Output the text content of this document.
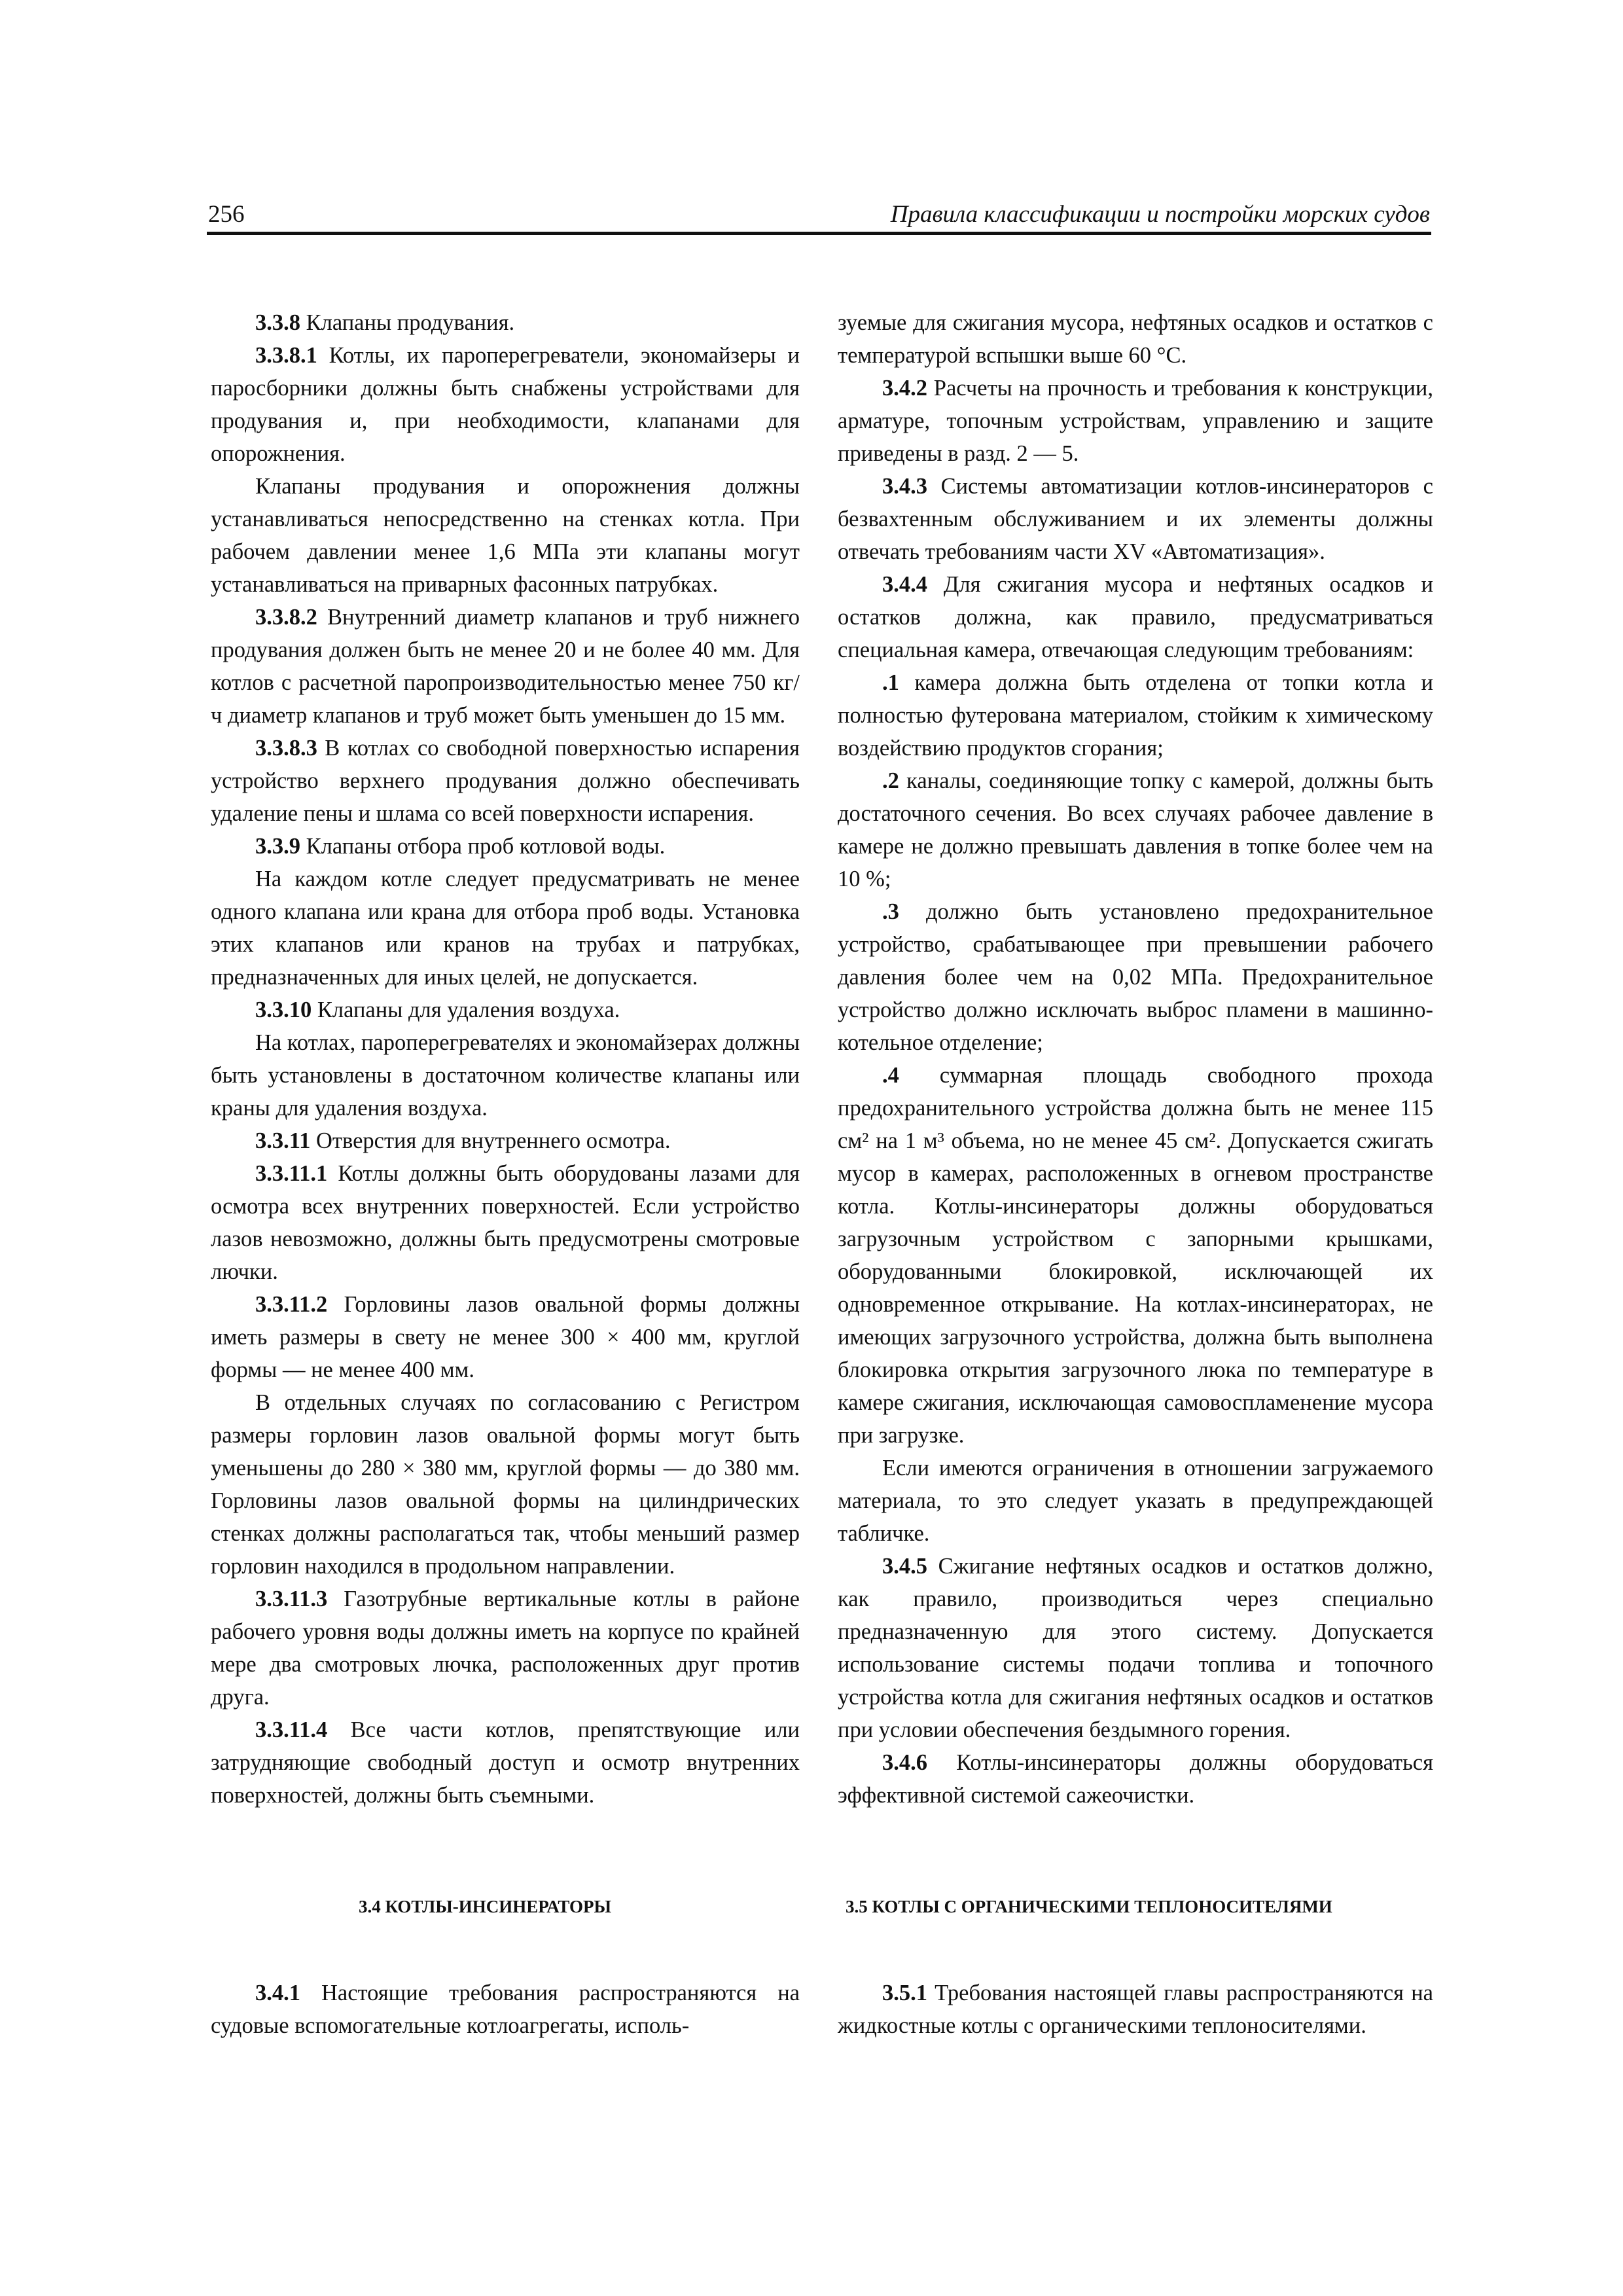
256	Правила классификации и постройки морских судов

3.3.8 Клапаны продувания.

3.3.8.1 Котлы, их пароперегреватели, экономайзеры и паросборники должны быть снабжены устройствами для продувания и, при необходимости, клапанами для опорожнения.

Клапаны продувания и опорожнения должны устанавливаться непосредственно на стенках котла. При рабочем давлении менее 1,6 МПа эти клапаны могут устанавливаться на приварных фасонных патрубках.

3.3.8.2 Внутренний диаметр клапанов и труб нижнего продувания должен быть не менее 20 и не более 40 мм. Для котлов с расчетной паропроизводительностью менее 750 кг/ч диаметр клапанов и труб может быть уменьшен до 15 мм.

3.3.8.3 В котлах со свободной поверхностью испарения устройство верхнего продувания должно обеспечивать удаление пены и шлама со всей поверхности испарения.

3.3.9 Клапаны отбора проб котловой воды.

На каждом котле следует предусматривать не менее одного клапана или крана для отбора проб воды. Установка этих клапанов или кранов на трубах и патрубках, предназначенных для иных целей, не допускается.

3.3.10 Клапаны для удаления воздуха.

На котлах, пароперегревателях и экономайзерах должны быть установлены в достаточном количестве клапаны или краны для удаления воздуха.

3.3.11 Отверстия для внутреннего осмотра.

3.3.11.1 Котлы должны быть оборудованы лазами для осмотра всех внутренних поверхностей. Если устройство лазов невозможно, должны быть предусмотрены смотровые лючки.

3.3.11.2 Горловины лазов овальной формы должны иметь размеры в свету не менее 300 × 400 мм, круглой формы — не менее 400 мм.

В отдельных случаях по согласованию с Регистром размеры горловин лазов овальной формы могут быть уменьшены до 280 × 380 мм, круглой формы — до 380 мм. Горловины лазов овальной формы на цилиндрических стенках должны располагаться так, чтобы меньший размер горловин находился в продольном направлении.

3.3.11.3 Газотрубные вертикальные котлы в районе рабочего уровня воды должны иметь на корпусе по крайней мере два смотровых лючка, расположенных друг против друга.

3.3.11.4 Все части котлов, препятствующие или затрудняющие свободный доступ и осмотр внутренних поверхностей, должны быть съемными.

зуемые для сжигания мусора, нефтяных осадков и остатков с температурой вспышки выше 60 °С.

3.4.2 Расчеты на прочность и требования к конструкции, арматуре, топочным устройствам, управлению и защите приведены в разд. 2 — 5.

3.4.3 Системы автоматизации котлов-инсинераторов с безвахтенным обслуживанием и их элементы должны отвечать требованиям части XV «Автоматизация».

3.4.4 Для сжигания мусора и нефтяных осадков и остатков должна, как правило, предусматриваться специальная камера, отвечающая следующим требованиям:

.1 камера должна быть отделена от топки котла и полностью футерована материалом, стойким к химическому воздействию продуктов сгорания;

.2 каналы, соединяющие топку с камерой, должны быть достаточного сечения. Во всех случаях рабочее давление в камере не должно превышать давления в топке более чем на 10 %;

.3 должно быть установлено предохранительное устройство, срабатывающее при превышении рабочего давления более чем на 0,02 МПа. Предохранительное устройство должно исключать выброс пламени в машинно-котельное отделение;

.4 суммарная площадь свободного прохода предохранительного устройства должна быть не менее 115 см² на 1 м³ объема, но не менее 45 см². Допускается сжигать мусор в камерах, расположенных в огневом пространстве котла. Котлы-инсинераторы должны оборудоваться загрузочным устройством с запорными крышками, оборудованными блокировкой, исключающей их одновременное открывание. На котлах-инсинераторах, не имеющих загрузочного устройства, должна быть выполнена блокировка открытия загрузочного люка по температуре в камере сжигания, исключающая самовоспламенение мусора при загрузке.

Если имеются ограничения в отношении загружаемого материала, то это следует указать в предупреждающей табличке.

3.4.5 Сжигание нефтяных осадков и остатков должно, как правило, производиться через специально предназначенную для этого систему. Допускается использование системы подачи топлива и топочного устройства котла для сжигания нефтяных осадков и остатков при условии обеспечения бездымного горения.

3.4.6 Котлы-инсинераторы должны оборудоваться эффективной системой сажеочистки.

3.4 КОТЛЫ-ИНСИНЕРАТОРЫ	3.5 КОТЛЫ С ОРГАНИЧЕСКИМИ ТЕПЛОНОСИТЕЛЯМИ

3.4.1 Настоящие требования распространяются на судовые вспомогательные котлоагрегаты, исполь-

3.5.1 Требования настоящей главы распространяются на жидкостные котлы с органическими теплоносителями.
